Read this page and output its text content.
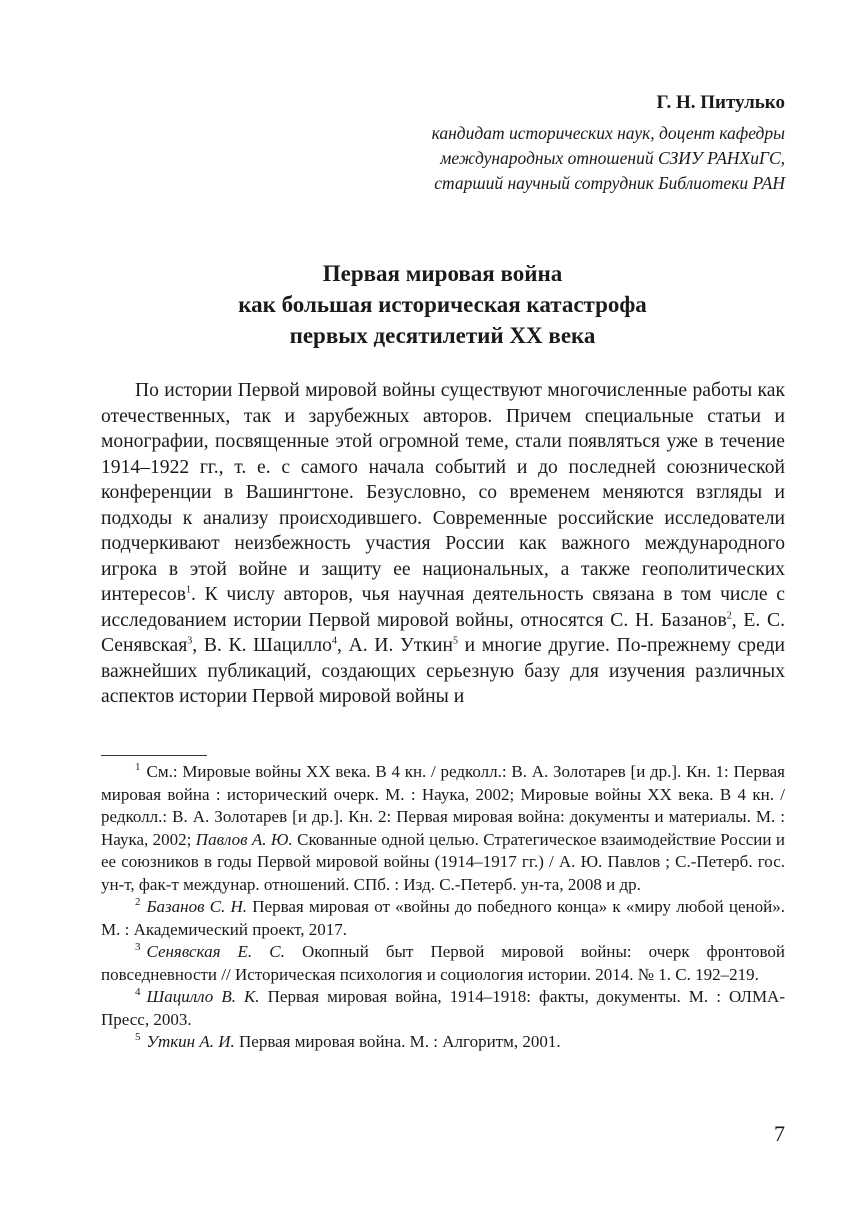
Г. Н. Питулько
кандидат исторических наук, доцент кафедры
международных отношений СЗИУ РАНХиГС,
старший научный сотрудник Библиотеки РАН
Первая мировая война
как большая историческая катастрофа
первых десятилетий XX века

По истории Первой мировой войны существуют многочисленные работы как отечественных, так и зарубежных авторов. Причем специальные статьи и монографии, посвященные этой огромной теме, стали появляться уже в течение 1914–1922 гг., т. е. с самого начала событий и до последней союзнической конференции в Вашингтоне. Безусловно, со временем меняются взгляды и подходы к анализу происходившего. Современные российские исследователи подчеркивают неизбежность участия России как важного международного игрока в этой войне и защиту ее национальных, а также геополитических интересов$^1$. К числу авторов, чья научная деятельность связана в том числе с исследованием истории Первой мировой войны, относятся С. Н. Базанов$^2$, Е. С. Сенявская$^3$, В. К. Шацилло$^4$, А. И. Уткин$^5$ и многие другие. По-прежнему среди важнейших публикаций, создающих серьезную базу для изучения различных аспектов истории Первой мировой войны и

$^1$ См.: Мировые войны XX века. В 4 кн. / редколл.: В. А. Золотарев [и др.]. Кн. 1: Первая мировая война : исторический очерк. М. : Наука, 2002; Мировые войны XX века. В 4 кн. / редколл.: В. А. Золотарев [и др.]. Кн. 2: Первая мировая война: документы и материалы. М. : Наука, 2002; Павлов А. Ю. Скованные одной целью. Стратегическое взаимодействие России и ее союзников в годы Первой мировой войны (1914–1917 гг.) / А. Ю. Павлов ; С.-Петерб. гос. ун-т, фак-т междунар. отношений. СПб. : Изд. С.-Петерб. ун-та, 2008 и др.

$^2$ Базанов С. Н. Первая мировая от «войны до победного конца» к «миру любой ценой». М. : Академический проект, 2017.

$^3$ Сенявская Е. С. Окопный быт Первой мировой войны: очерк фронтовой повседневности // Историческая психология и социология истории. 2014. № 1. С. 192–219.

$^4$ Шацилло В. К. Первая мировая война, 1914–1918: факты, документы. М. : ОЛМА-Пресс, 2003.

$^5$ Уткин А. И. Первая мировая война. М. : Алгоритм, 2001.

7
